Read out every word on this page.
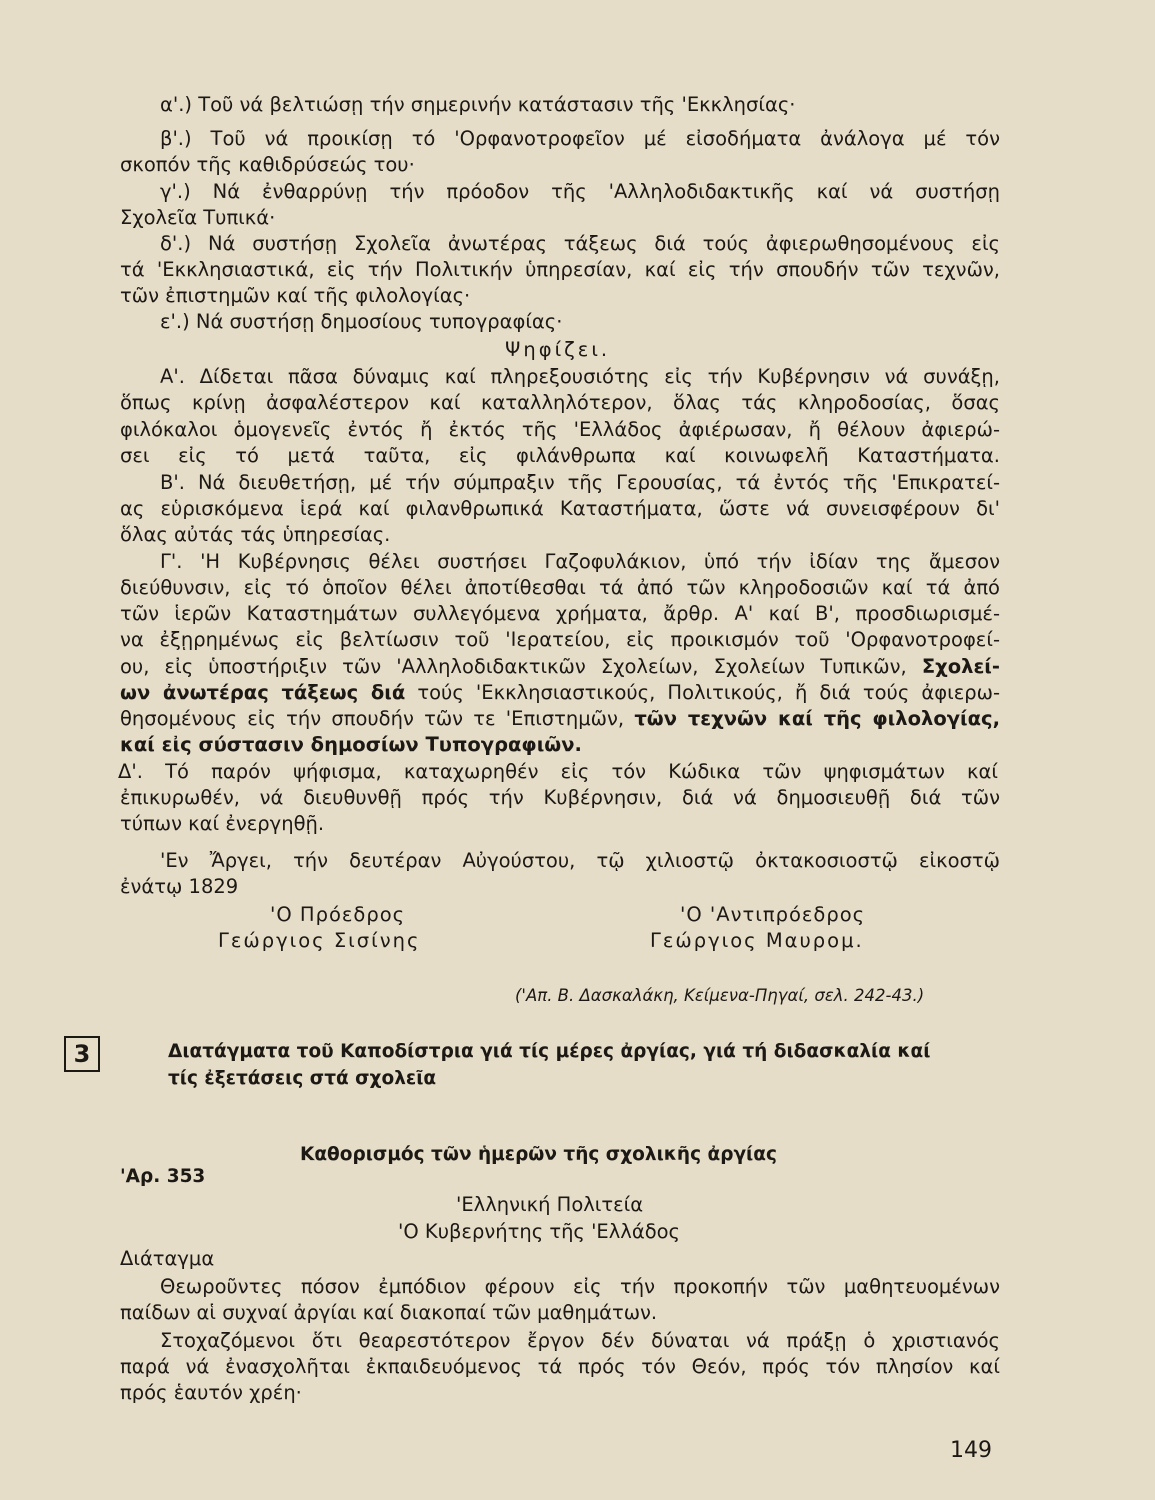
α'.) Τοῦ νά βελτιώσῃ τήν σημερινήν κατάστασιν τῆς 'Εκκλησίας·
β'.) Τοῦ νά προικίσῃ τό 'Ορφανοτροφεῖον μέ εἰσοδήματα ἀνάλογα μέ τόν
σκοπόν τῆς καθιδρύσεώς του·
γ'.) Νά ἐνθαρρύνῃ τήν πρόοδον τῆς 'Αλληλοδιδακτικῆς καί νά συστήσῃ
Σχολεῖα Τυπικά·
δ'.) Νά συστήσῃ Σχολεῖα ἀνωτέρας τάξεως διά τούς ἀφιερωθησομένους εἰς
τά 'Εκκλησιαστικά, εἰς τήν Πολιτικήν ὑπηρεσίαν, καί εἰς τήν σπουδήν τῶν τεχνῶν,
τῶν ἐπιστημῶν καί τῆς φιλολογίας·
ε'.) Νά συστήσῃ δημοσίους τυπογραφίας·
Ψηφίζει.
Α'. Δίδεται πᾶσα δύναμις καί πληρεξουσιότης εἰς τήν Κυβέρνησιν νά συνάξῃ,
ὅπως κρίνῃ ἀσφαλέστερον καί καταλληλότερον, ὅλας τάς κληροδοσίας, ὅσας
φιλόκαλοι ὁμογενεῖς ἐντός ἤ ἐκτός τῆς 'Ελλάδος ἀφιέρωσαν, ἤ θέλουν ἀφιερώ-
σει εἰς τό μετά ταῦτα, εἰς φιλάνθρωπα καί κοινωφελῆ Καταστήματα.
Β'. Νά διευθετήσῃ, μέ τήν σύμπραξιν τῆς Γερουσίας, τά ἐντός τῆς 'Επικρατεί-
ας εὑρισκόμενα ἱερά καί φιλανθρωπικά Καταστήματα, ὥστε νά συνεισφέρουν δι'
ὅλας αὐτάς τάς ὑπηρεσίας.
Γ'. 'Η Κυβέρνησις θέλει συστήσει Γαζοφυλάκιον, ὑπό τήν ἰδίαν της ἄμεσον
διεύθυνσιν, εἰς τό ὁποῖον θέλει ἀποτίθεσθαι τά ἀπό τῶν κληροδοσιῶν καί τά ἀπό
τῶν ἱερῶν Καταστημάτων συλλεγόμενα χρήματα, ἄρθρ. Α' καί Β', προσδιωρισμέ-
να ἐξῃρημένως εἰς βελτίωσιν τοῦ 'Ιερατείου, εἰς προικισμόν τοῦ 'Ορφανοτροφεί-
ου, εἰς ὑποστήριξιν τῶν 'Αλληλοδιδακτικῶν Σχολείων, Σχολείων Τυπικῶν, Σχολεί-
ων ἀνωτέρας τάξεως διά τούς 'Εκκλησιαστικούς, Πολιτικούς, ἤ διά τούς ἀφιερω-
θησομένους εἰς τήν σπουδήν τῶν τε 'Επιστημῶν, τῶν τεχνῶν καί τῆς φιλολογίας,
καί εἰς σύστασιν δημοσίων Τυπογραφιῶν.
Δ'. Τό παρόν ψήφισμα, καταχωρηθέν εἰς τόν Κώδικα τῶν ψηφισμάτων καί
ἐπικυρωθέν, νά διευθυνθῇ πρός τήν Κυβέρνησιν, διά νά δημοσιευθῇ διά τῶν
τύπων καί ἐνεργηθῇ.
'Εν Ἄργει, τήν δευτέραν Αὐγούστου, τῷ χιλιοστῷ ὀκτακοσιοστῷ εἰκοστῷ
ἐνάτῳ 1829
'Ο Πρόεδρος
Γεώργιος Σισίνης
'Ο 'Αντιπρόεδρος
Γεώργιος Μαυρομ.
('Απ. Β. Δασκαλάκη, Κείμενα-Πηγαί, σελ. 242-43.)
3	Διατάγματα τοῦ Καποδίστρια γιά τίς μέρες ἀργίας, γιά τή διδασκαλία καί
τίς ἐξετάσεις στά σχολεῖα
Καθορισμός τῶν ἡμερῶν τῆς σχολικῆς ἀργίας
'Αρ. 353
'Ελληνική Πολιτεία
'Ο Κυβερνήτης τῆς 'Ελλάδος
Διάταγμα
Θεωροῦντες πόσον ἐμπόδιον φέρουν εἰς τήν προκοπήν τῶν μαθητευομένων
παίδων αἱ συχναί ἀργίαι καί διακοπαί τῶν μαθημάτων.
Στοχαζόμενοι ὅτι θεαρεστότερον ἔργον δέν δύναται νά πράξῃ ὁ χριστιανός
παρά νά ἐνασχολῆται ἐκπαιδευόμενος τά πρός τόν Θεόν, πρός τόν πλησίον καί
πρός ἑαυτόν χρέη·
149
